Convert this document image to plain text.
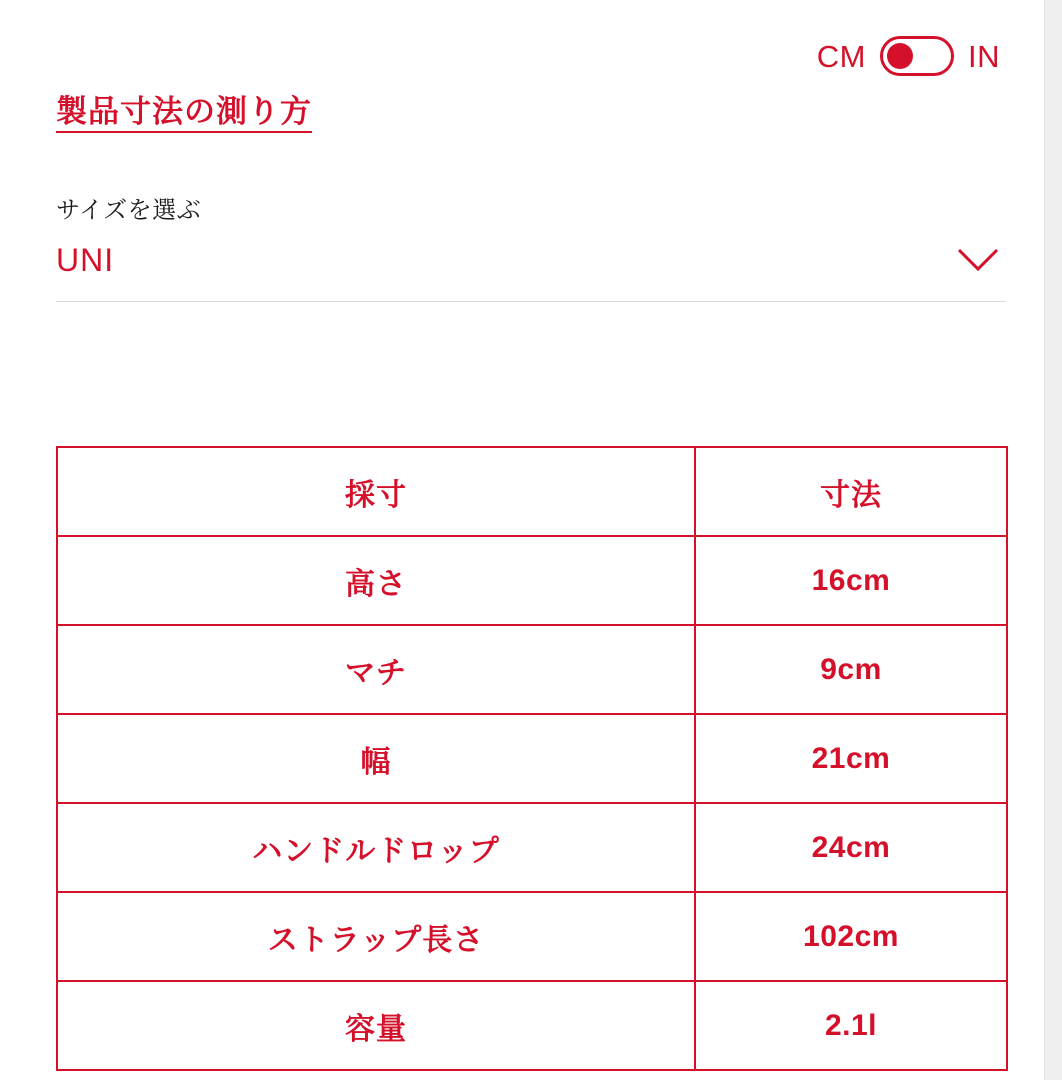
CM	IN
製品寸法の測り方
サイズを選ぶ
UNI
採寸	寸法
高さ	16cm
マチ	9cm
幅	21cm
ハンドルドロップ	24cm
ストラップ長さ	102cm
容量	2.1l
